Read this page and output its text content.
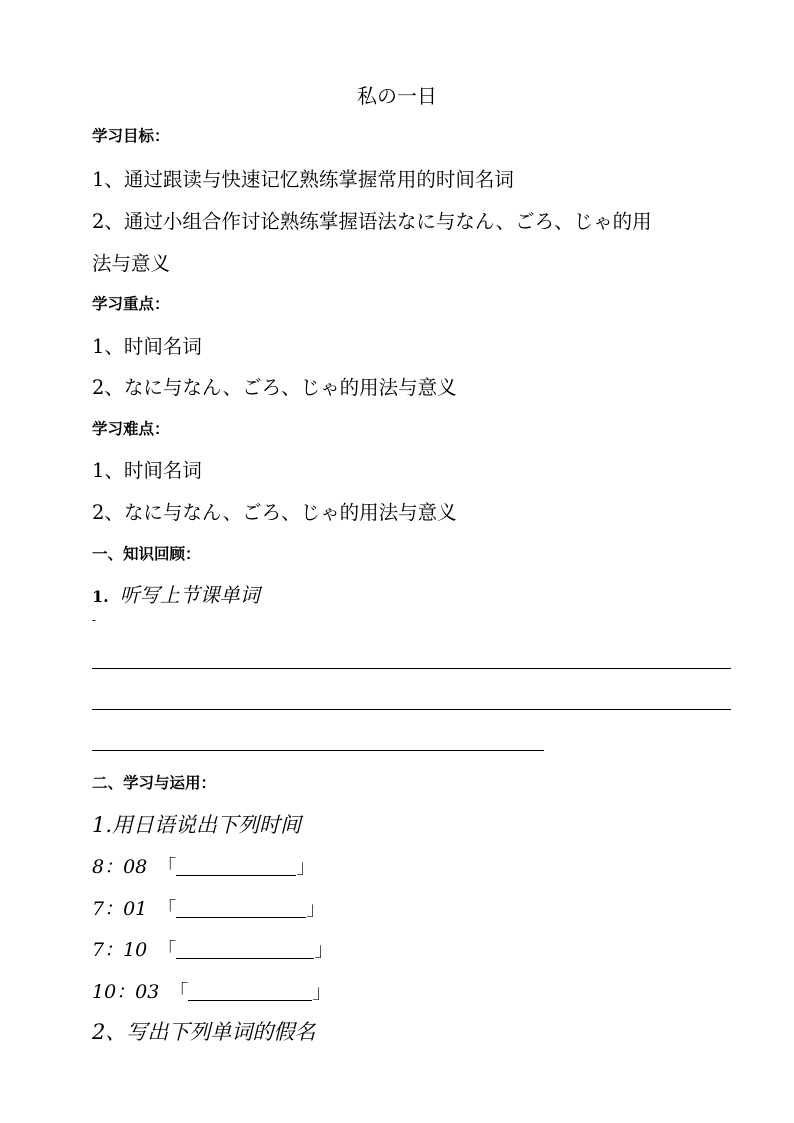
私の一日
学习目标：
1、通过跟读与快速记忆熟练掌握常用的时间名词
2、通过小组合作讨论熟练掌握语法なに与なん、ごろ、じゃ的用
法与意义
学习重点：
1、时间名词
2、なに与なん、ごろ、じゃ的用法与意义
学习难点：
1、时间名词
2、なに与なん、ごろ、じゃ的用法与意义
一、知识回顾：
1. 听写上节课单词
-
二、学习与运用：
1.用日语说出下列时间
8：08 「	」
7：01 「	」
7：10 「	」
10：03 「	」
2、写出下列单词的假名
